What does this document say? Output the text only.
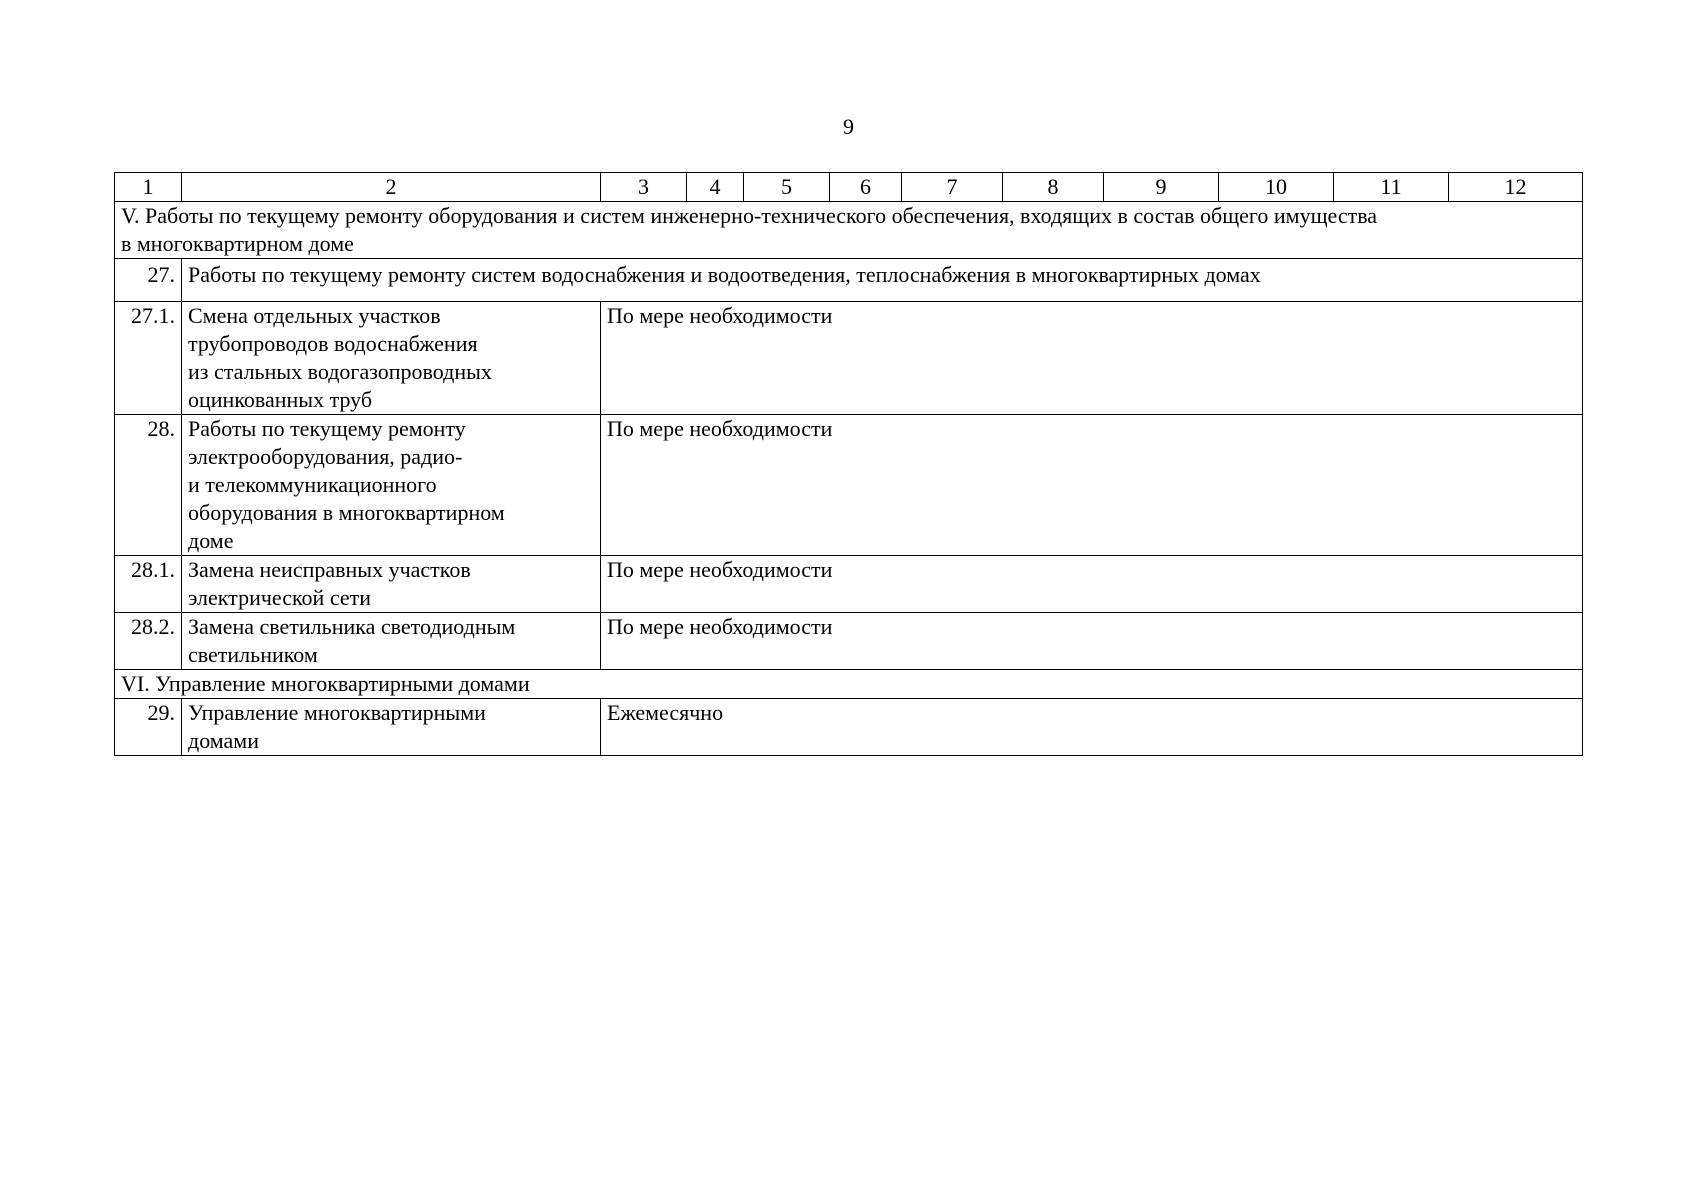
9
1	2	3	4	5	6	7	8	9	10	11	12
V. Работы по текущему ремонту оборудования и систем инженерно-технического обеспечения, входящих в состав общего имущества
в многоквартирном доме											
27.	Работы по текущему ремонту систем водоснабжения и водоотведения, теплоснабжения в многоквартирных домах										
27.1.	Смена отдельных участков
трубопроводов водоснабжения
из стальных водогазопроводных
оцинкованных труб	По мере необходимости									
28.	Работы по текущему ремонту
электрооборудования, радио-
и телекоммуникационного
оборудования в многоквартирном
доме	По мере необходимости									
28.1.	Замена неисправных участков
электрической сети	По мере необходимости									
28.2.	Замена светильника светодиодным
светильником	По мере необходимости									
VI. Управление многоквартирными домами											
29.	Управление многоквартирными
домами	Ежемесячно									
